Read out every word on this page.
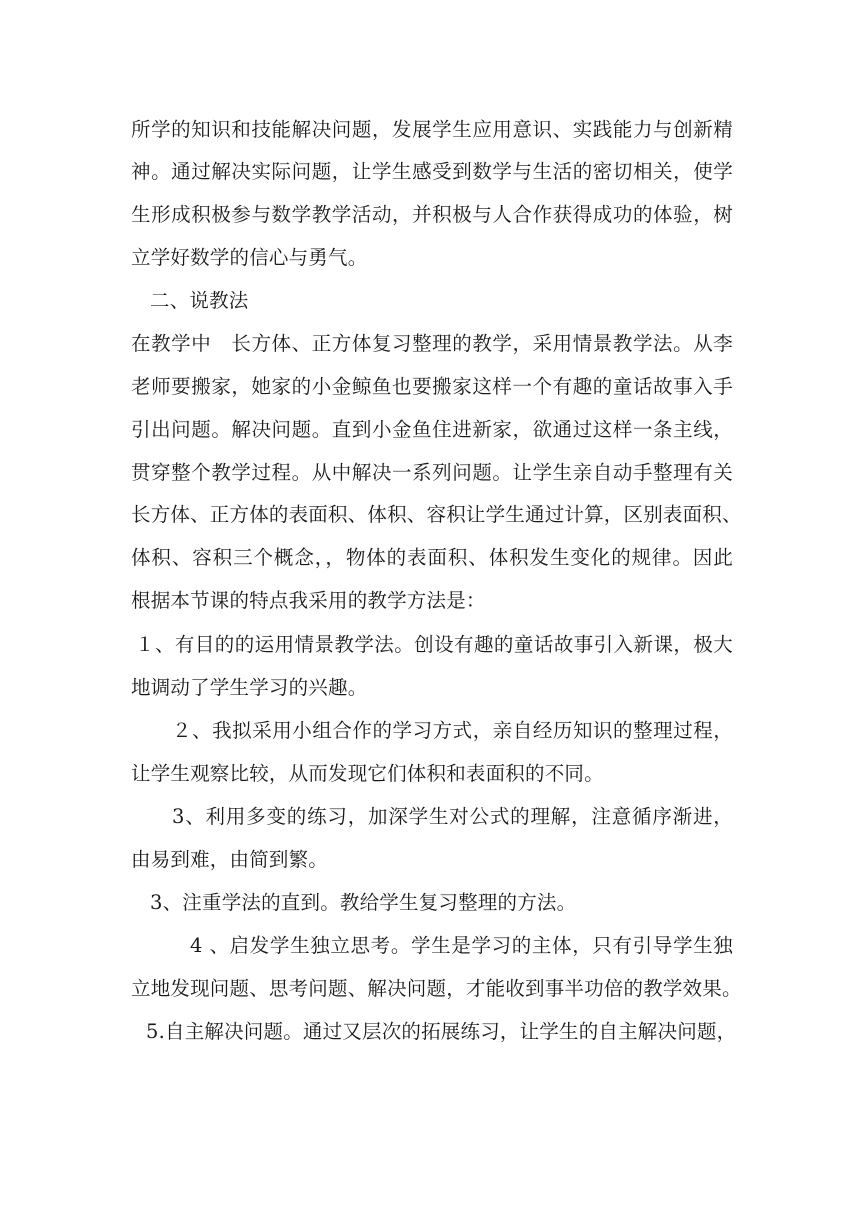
所学的知识和技能解决问题，发展学生应用意识、实践能力与创新精
神。通过解决实际问题，让学生感受到数学与生活的密切相关，使学
生形成积极参与数学教学活动，并积极与人合作获得成功的体验，树
立学好数学的信心与勇气。
二、说教法
在教学中　长方体、正方体复习整理的教学，采用情景教学法。从李
老师要搬家，她家的小金鲸鱼也要搬家这样一个有趣的童话故事入手
引出问题。解决问题。直到小金鱼住进新家，欲通过这样一条主线，
贯穿整个教学过程。从中解决一系列问题。让学生亲自动手整理有关
长方体、正方体的表面积、体积、容积让学生通过计算，区别表面积、
体积、容积三个概念，，物体的表面积、体积发生变化的规律。因此
根据本节课的特点我采用的教学方法是：
１、有目的的运用情景教学法。创设有趣的童话故事引入新课，极大
地调动了学生学习的兴趣。
２、我拟采用小组合作的学习方式，亲自经历知识的整理过程，
让学生观察比较，从而发现它们体积和表面积的不同。
3、利用多变的练习，加深学生对公式的理解，注意循序渐进，
由易到难，由简到繁。
3、注重学法的直到。教给学生复习整理的方法。
4 、启发学生独立思考。学生是学习的主体，只有引导学生独
立地发现问题、思考问题、解决问题，才能收到事半功倍的教学效果。
5.自主解决问题。通过又层次的拓展练习，让学生的自主解决问题，
